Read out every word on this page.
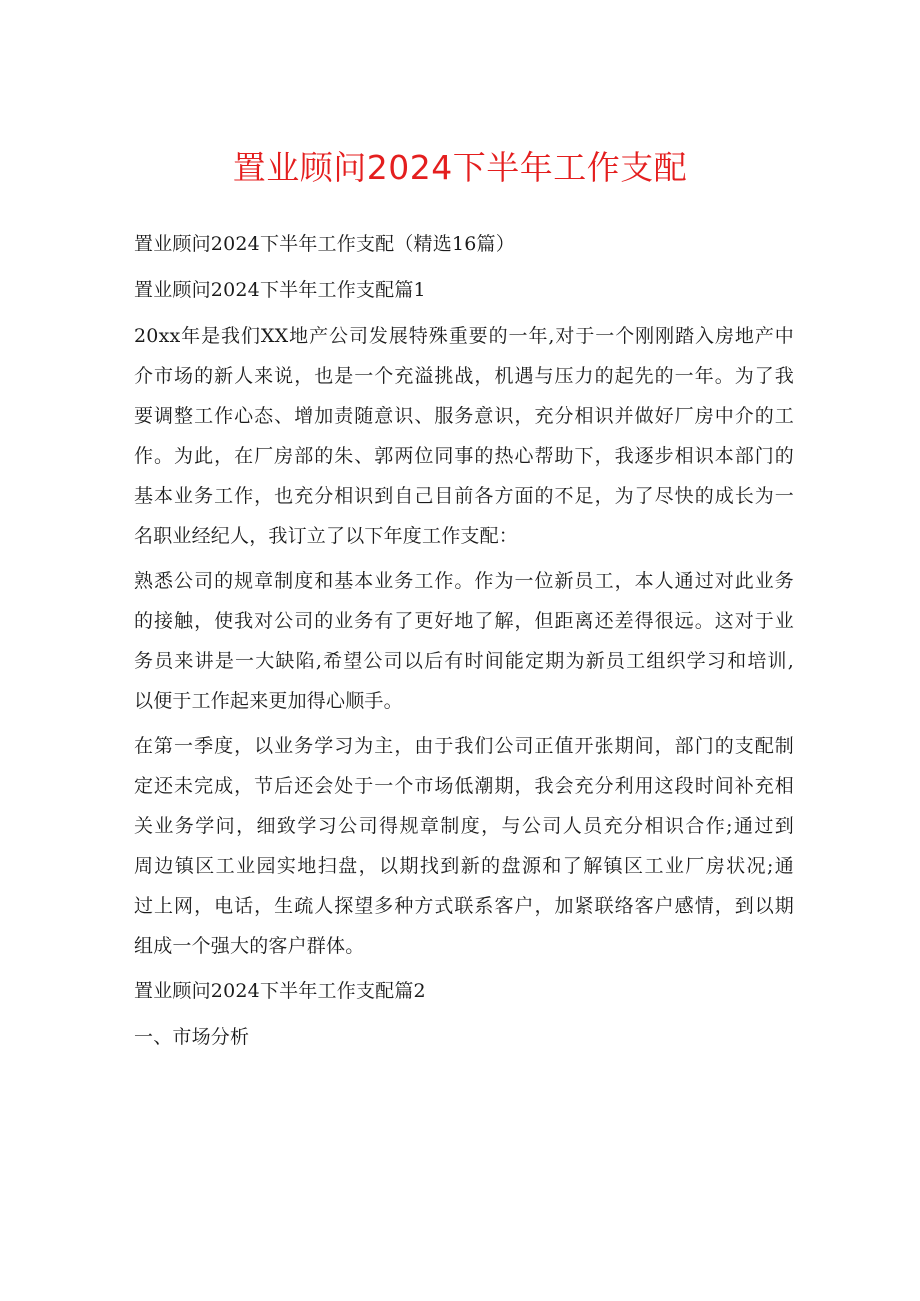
置业顾问2024下半年工作支配

置业顾问2024下半年工作支配（精选16篇）

置业顾问2024下半年工作支配篇1

20xx年是我们XX地产公司发展特殊重要的一年,对于一个刚刚踏入房地产中

介市场的新人来说，也是一个充溢挑战，机遇与压力的起先的一年。为了我

要调整工作心态、增加责随意识、服务意识，充分相识并做好厂房中介的工

作。为此，在厂房部的朱、郭两位同事的热心帮助下，我逐步相识本部门的

基本业务工作，也充分相识到自己目前各方面的不足，为了尽快的成长为一

名职业经纪人，我订立了以下年度工作支配：

熟悉公司的规章制度和基本业务工作。作为一位新员工，本人通过对此业务

的接触，使我对公司的业务有了更好地了解，但距离还差得很远。这对于业

务员来讲是一大缺陷,希望公司以后有时间能定期为新员工组织学习和培训,

以便于工作起来更加得心顺手。

在第一季度，以业务学习为主，由于我们公司正值开张期间，部门的支配制

定还未完成，节后还会处于一个市场低潮期，我会充分利用这段时间补充相

关业务学问，细致学习公司得规章制度，与公司人员充分相识合作;通过到

周边镇区工业园实地扫盘，以期找到新的盘源和了解镇区工业厂房状况;通

过上网，电话，生疏人探望多种方式联系客户，加紧联络客户感情，到以期

组成一个强大的客户群体。

置业顾问2024下半年工作支配篇2

一、市场分析
